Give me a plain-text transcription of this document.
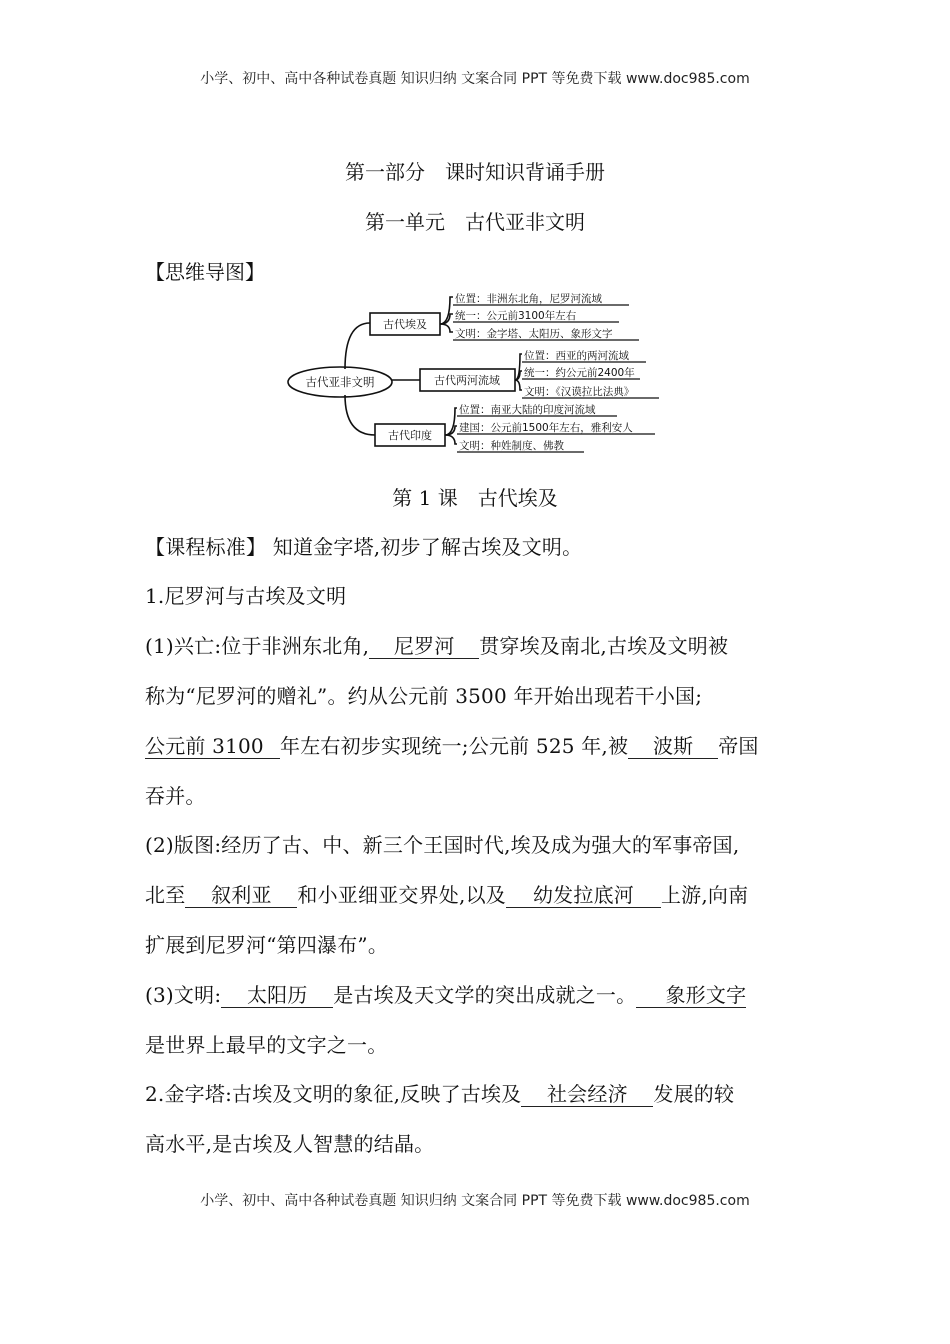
小学、初中、高中各种试卷真题 知识归纳 文案合同 PPT 等免费下载 www.doc985.com
第一部分　课时知识背诵手册
第一单元　古代亚非文明
【思维导图】
古代亚非文明
古代埃及
古代两河流域
古代印度
位置：非洲东北角，尼罗河流域
统一：公元前3100年左右
文明：金字塔、太阳历、象形文字
位置：西亚的两河流域
统一：约公元前2400年
文明：《汉谟拉比法典》
位置：南亚大陆的印度河流域
建国：公元前1500年左右，雅利安人
文明：种姓制度、佛教
第 1 课　古代埃及
【课程标准】 知道金字塔,初步了解古埃及文明。
1.尼罗河与古埃及文明
(1)兴亡:位于非洲东北角, 尼罗河 贯穿埃及南北,古埃及文明被
称为“尼罗河的赠礼”。约从公元前 3500 年开始出现若干小国;
公元前 3100 年左右初步实现统一;公元前 525 年,被 波斯 帝国
吞并。
(2)版图:经历了古、中、新三个王国时代,埃及成为强大的军事帝国,
北至 叙利亚 和小亚细亚交界处,以及 幼发拉底河 上游,向南
扩展到尼罗河“第四瀑布”。
(3)文明: 太阳历 是古埃及天文学的突出成就之一。 象形文字
是世界上最早的文字之一。
2.金字塔:古埃及文明的象征,反映了古埃及 社会经济 发展的较
高水平,是古埃及人智慧的结晶。
小学、初中、高中各种试卷真题 知识归纳 文案合同 PPT 等免费下载 www.doc985.com
